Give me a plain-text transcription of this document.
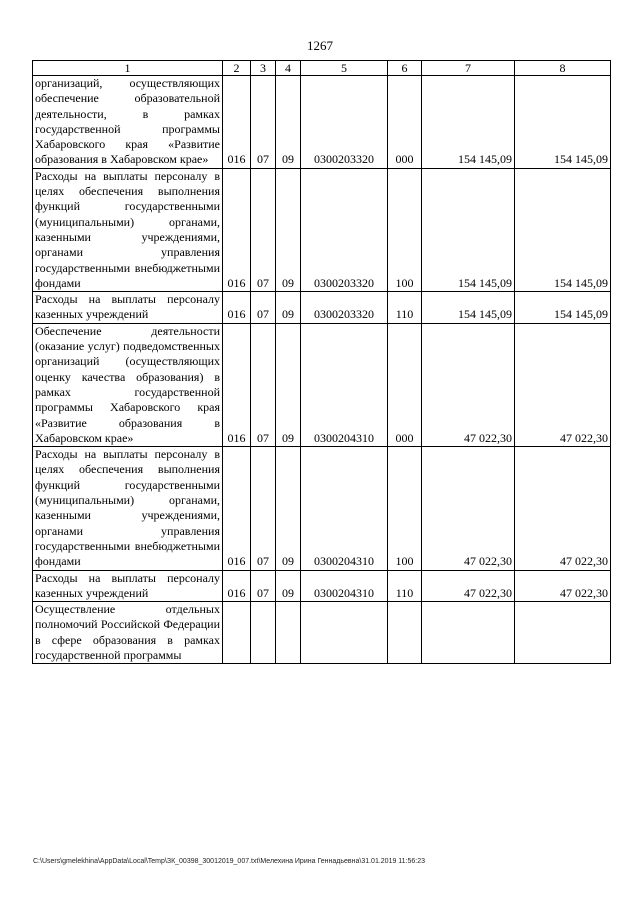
1267
1	2	3	4	5	6	7	8
организаций, осуществляющих обеспечение образовательной деятельности, в рамках государственной программы Хабаровского края «Развитие образования в Хабаровском крае»	016	07	09	0300203320	000	154 145,09	154 145,09
Расходы на выплаты персоналу в целях обеспечения выполнения функций государственными (муниципальными) органами, казенными учреждениями, органами управления государственными внебюджетными фондами	016	07	09	0300203320	100	154 145,09	154 145,09
Расходы на выплаты персоналу казенных учреждений	016	07	09	0300203320	110	154 145,09	154 145,09
Обеспечение деятельности (оказание услуг) подведомственных организаций (осуществляющих оценку качества образования) в рамках государственной программы Хабаровского края «Развитие образования в Хабаровском крае»	016	07	09	0300204310	000	47 022,30	47 022,30
Расходы на выплаты персоналу в целях обеспечения выполнения функций государственными (муниципальными) органами, казенными учреждениями, органами управления государственными внебюджетными фондами	016	07	09	0300204310	100	47 022,30	47 022,30
Расходы на выплаты персоналу казенных учреждений	016	07	09	0300204310	110	47 022,30	47 022,30
Осуществление отдельных полномочий Российской Федерации в сфере образования в рамках государственной программы							
C:\Users\gmelekhina\AppData\Local\Temp\ЗК_00398_30012019_007.txt\Мелехина Ирина Геннадьевна\31.01.2019 11:56:23
